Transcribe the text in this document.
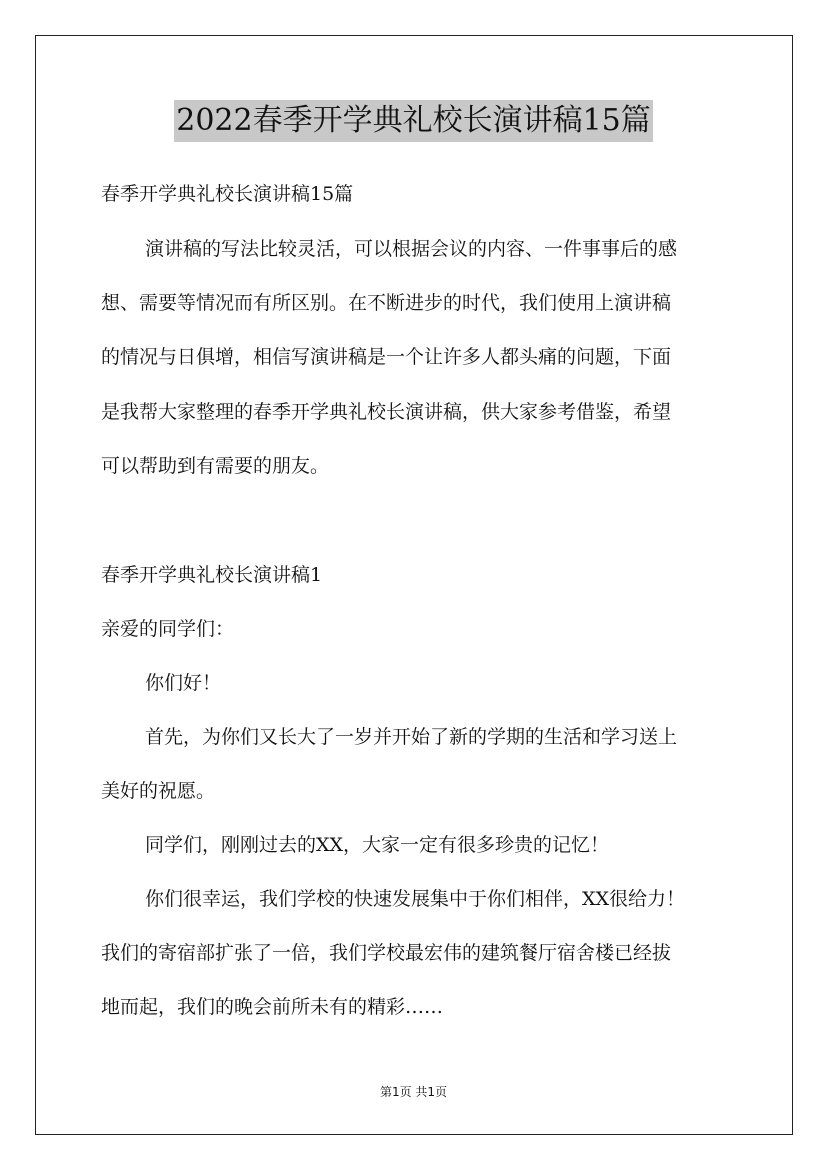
2022春季开学典礼校长演讲稿15篇
春季开学典礼校长演讲稿15篇
演讲稿的写法比较灵活，可以根据会议的内容、一件事事后的感
想、需要等情况而有所区别。在不断进步的时代，我们使用上演讲稿
的情况与日俱增，相信写演讲稿是一个让许多人都头痛的问题，下面
是我帮大家整理的春季开学典礼校长演讲稿，供大家参考借鉴，希望
可以帮助到有需要的朋友。
春季开学典礼校长演讲稿1
亲爱的同学们：
你们好！
首先，为你们又长大了一岁并开始了新的学期的生活和学习送上
美好的祝愿。
同学们，刚刚过去的XX，大家一定有很多珍贵的记忆！
你们很幸运，我们学校的快速发展集中于你们相伴，XX很给力！
我们的寄宿部扩张了一倍，我们学校最宏伟的建筑餐厅宿舍楼已经拔
地而起，我们的晚会前所未有的精彩……
第1页 共1页
